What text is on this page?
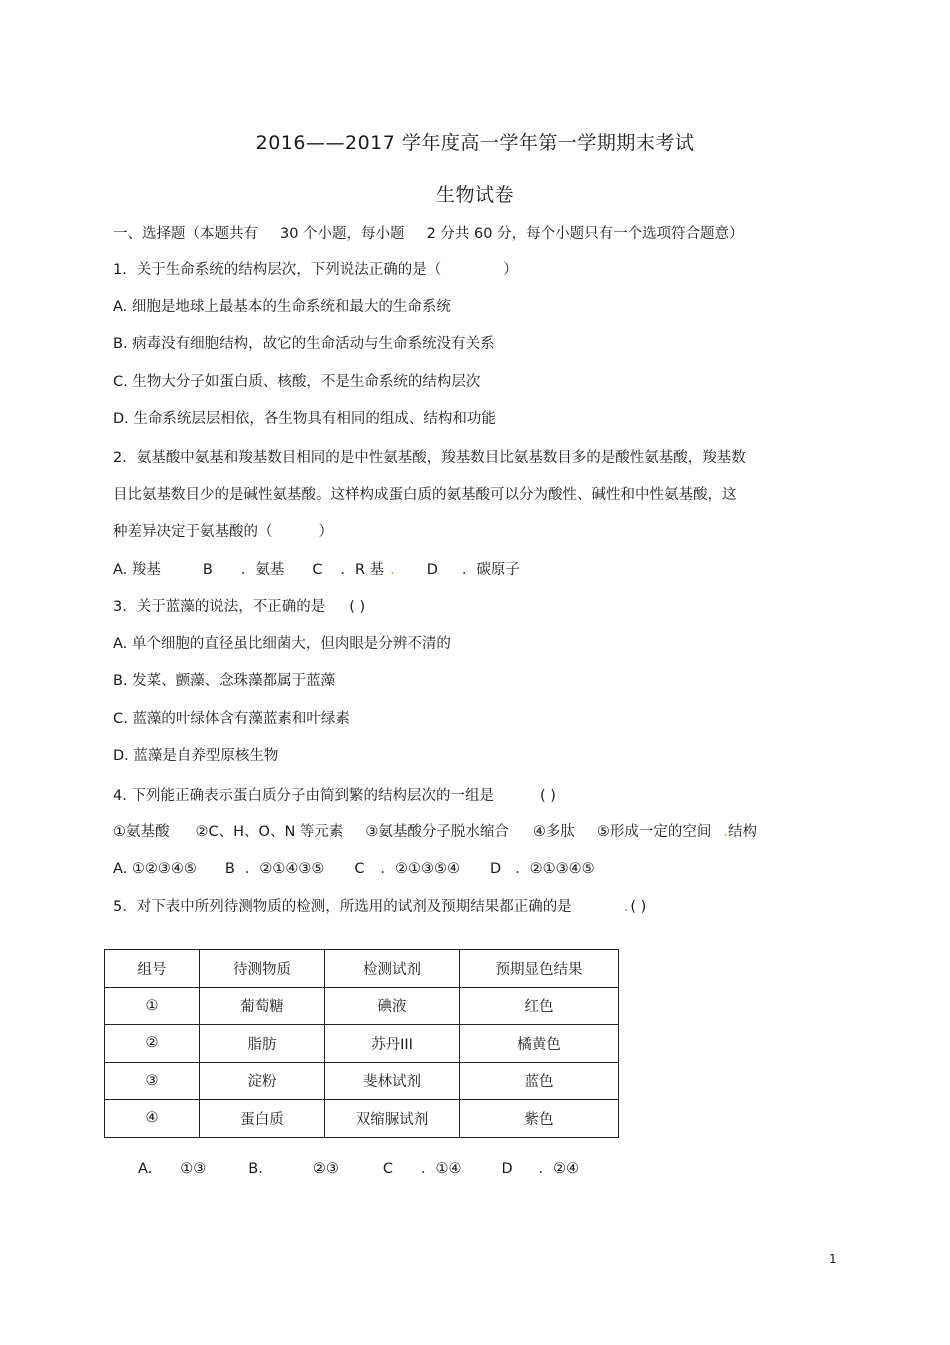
2016——2017 学年度高一学年第一学期期末考试
生物试卷
一、选择题（本题共有 30 个小题，每小题 2 分共 60 分，每个小题只有一个选项符合题意）
1．关于生命系统的结构层次，下列说法正确的是（	）
A. 细胞是地球上最基本的生命系统和最大的生命系统
B. 病毒没有细胞结构，故它的生命活动与生命系统没有关系
C. 生物大分子如蛋白质、核酸，不是生命系统的结构层次
D. 生命系统层层相依，各生物具有相同的组成、结构和功能
2．氨基酸中氨基和羧基数目相同的是中性氨基酸，羧基数目比氨基数目多的是酸性氨基酸，羧基数
目比氨基数目少的是碱性氨基酸。这样构成蛋白质的氨基酸可以分为酸性、碱性和中性氨基酸，这
种差异决定于氨基酸的（	）
A. 羧基	B ．氨基 C ．R 基 . D ．碳原子
3．关于蓝藻的说法，不正确的是 ( )
A. 单个细胞的直径虽比细菌大，但肉眼是分辨不清的
B. 发菜、颤藻、念珠藻都属于蓝藻
C. 蓝藻的叶绿体含有藻蓝素和叶绿素
D. 蓝藻是自养型原核生物
4. 下列能正确表示蛋白质分子由简到繁的结构层次的一组是	( )
①氨基酸 ②C、H、O、N 等元素 ③氨基酸分子脱水缩合 ④多肽 ⑤形成一定的空间 .结构
A. ①②③④⑤ B ．②①④③⑤ C ．②①③⑤④ D ．②①③④⑤
5．对下表中所列待测物质的检测，所选用的试剂及预期结果都正确的是	. ( )
组号	待测物质	检测试剂	预期显色结果
①	葡萄糖	碘液	红色
②	脂肪	苏丹III	橘黄色
③	淀粉	斐林试剂	蓝色
④	蛋白质	双缩脲试剂	紫色
A. ①③	B.	②③	C ．①④	D ．②④
1
